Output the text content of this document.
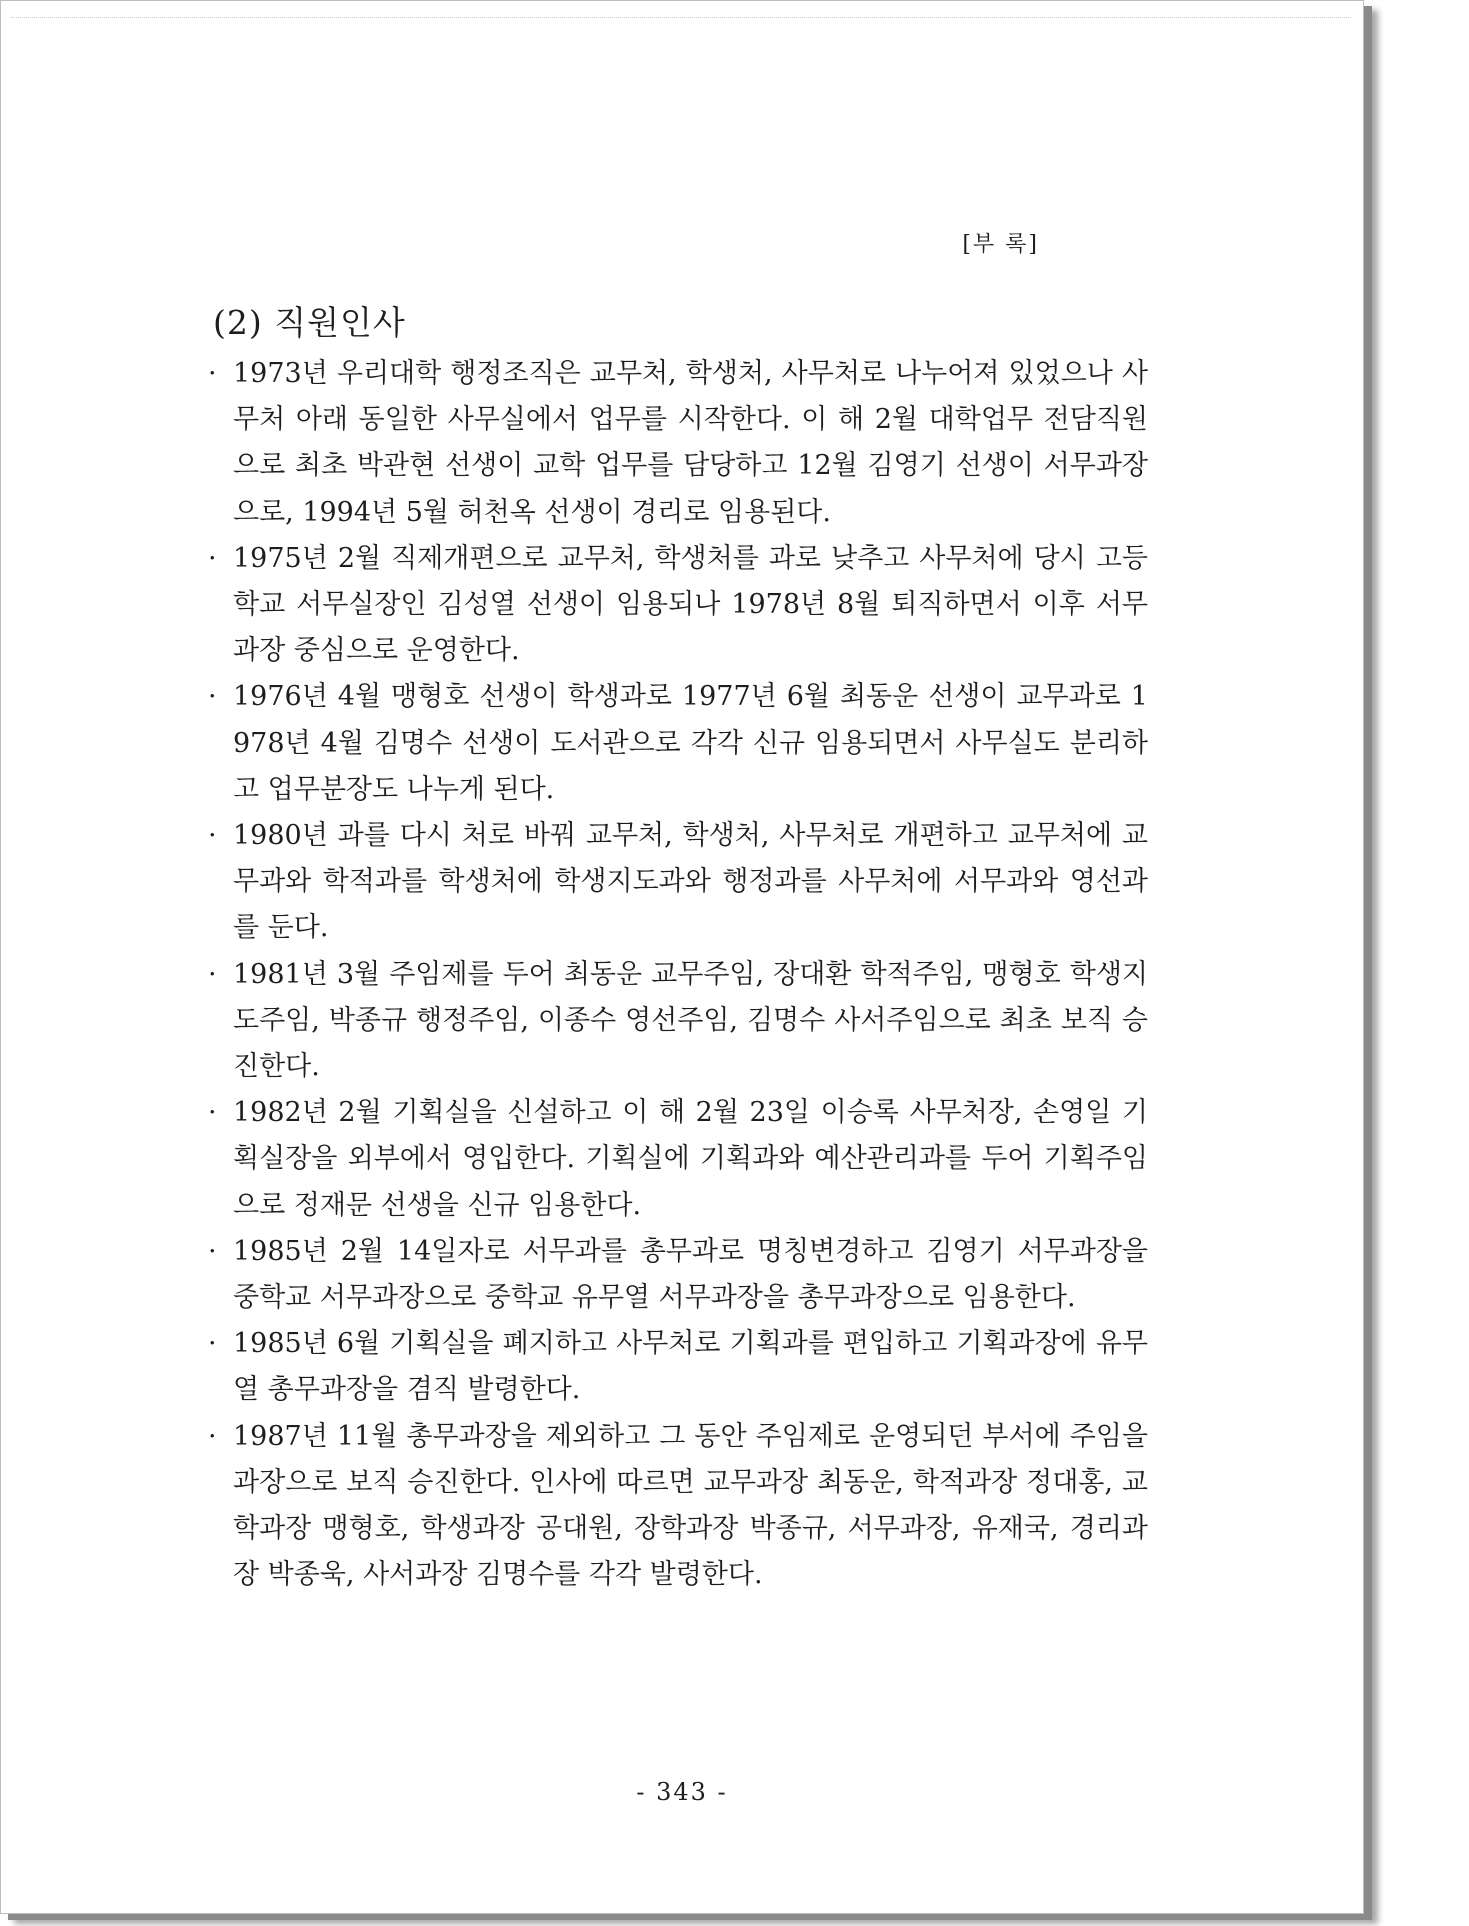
[부 록]
(2) 직원인사

· 1973년 우리대학 행정조직은 교무처, 학생처, 사무처로 나누어져 있었으나 사무처 아래 동일한 사무실에서 업무를 시작한다. 이 해 2월 대학업무 전담직원으로 최초 박관현 선생이 교학 업무를 담당하고 12월 김영기 선생이 서무과장으로, 1994년 5월 허천옥 선생이 경리로 임용된다.

· 1975년 2월 직제개편으로 교무처, 학생처를 과로 낮추고 사무처에 당시 고등학교 서무실장인 김성열 선생이 임용되나 1978년 8월 퇴직하면서 이후 서무과장 중심으로 운영한다.

· 1976년 4월 맹형호 선생이 학생과로 1977년 6월 최동운 선생이 교무과로 1978년 4월 김명수 선생이 도서관으로 각각 신규 임용되면서 사무실도 분리하고 업무분장도 나누게 된다.

· 1980년 과를 다시 처로 바꿔 교무처, 학생처, 사무처로 개편하고 교무처에 교무과와 학적과를 학생처에 학생지도과와 행정과를 사무처에 서무과와 영선과를 둔다.

· 1981년 3월 주임제를 두어 최동운 교무주임, 장대환 학적주임, 맹형호 학생지도주임, 박종규 행정주임, 이종수 영선주임, 김명수 사서주임으로 최초 보직 승진한다.

· 1982년 2월 기획실을 신설하고 이 해 2월 23일 이승록 사무처장, 손영일 기획실장을 외부에서 영입한다. 기획실에 기획과와 예산관리과를 두어 기획주임으로 정재문 선생을 신규 임용한다.

· 1985년 2월 14일자로 서무과를 총무과로 명칭변경하고 김영기 서무과장을 중학교 서무과장으로 중학교 유무열 서무과장을 총무과장으로 임용한다.

· 1985년 6월 기획실을 폐지하고 사무처로 기획과를 편입하고 기획과장에 유무열 총무과장을 겸직 발령한다.

· 1987년 11월 총무과장을 제외하고 그 동안 주임제로 운영되던 부서에 주임을 과장으로 보직 승진한다. 인사에 따르면 교무과장 최동운, 학적과장 정대홍, 교학과장 맹형호, 학생과장 공대원, 장학과장 박종규, 서무과장, 유재국, 경리과장 박종욱, 사서과장 김명수를 각각 발령한다.

- 343 -
